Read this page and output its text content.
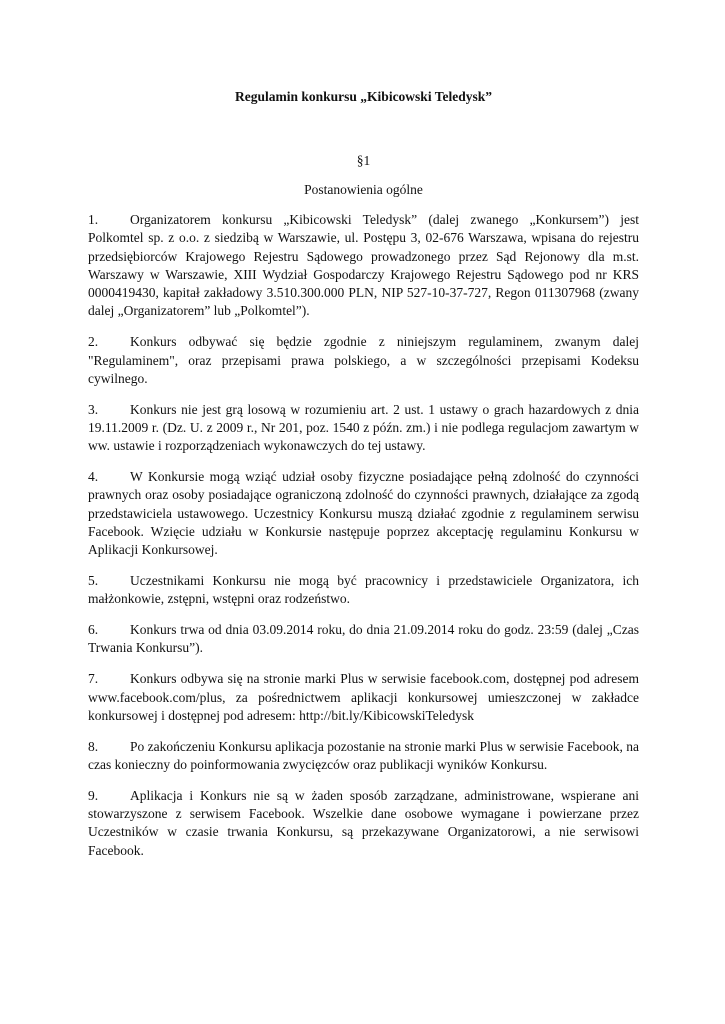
Regulamin konkursu „Kibicowski Teledysk”

§1

Postanowienia ogólne

1. Organizatorem konkursu „Kibicowski Teledysk” (dalej zwanego „Konkursem”) jest Polkomtel sp. z o.o. z siedzibą w Warszawie, ul. Postępu 3, 02-676 Warszawa, wpisana do rejestru przedsiębiorców Krajowego Rejestru Sądowego prowadzonego przez Sąd Rejonowy dla m.st. Warszawy w Warszawie, XIII Wydział Gospodarczy Krajowego Rejestru Sądowego pod nr KRS 0000419430, kapitał zakładowy 3.510.300.000 PLN, NIP 527-10-37-727, Regon 011307968 (zwany dalej „Organizatorem” lub „Polkomtel”).

2. Konkurs odbywać się będzie zgodnie z niniejszym regulaminem, zwanym dalej "Regulaminem", oraz przepisami prawa polskiego, a w szczególności przepisami Kodeksu cywilnego.

3. Konkurs nie jest grą losową w rozumieniu art. 2 ust. 1 ustawy o grach hazardowych z dnia 19.11.2009 r. (Dz. U. z 2009 r., Nr 201, poz. 1540 z późn. zm.) i nie podlega regulacjom zawartym w ww. ustawie i rozporządzeniach wykonawczych do tej ustawy.

4. W Konkursie mogą wziąć udział osoby fizyczne posiadające pełną zdolność do czynności prawnych oraz osoby posiadające ograniczoną zdolność do czynności prawnych, działające za zgodą przedstawiciela ustawowego. Uczestnicy Konkursu muszą działać zgodnie z regulaminem serwisu Facebook. Wzięcie udziału w Konkursie następuje poprzez akceptację regulaminu Konkursu w Aplikacji Konkursowej.

5. Uczestnikami Konkursu nie mogą być pracownicy i przedstawiciele Organizatora, ich małżonkowie, zstępni, wstępni oraz rodzeństwo.

6. Konkurs trwa od dnia 03.09.2014 roku, do dnia 21.09.2014 roku do godz. 23:59 (dalej „Czas Trwania Konkursu”).

7. Konkurs odbywa się na stronie marki Plus w serwisie facebook.com, dostępnej pod adresem www.facebook.com/plus, za pośrednictwem aplikacji konkursowej umieszczonej w zakładce konkursowej i dostępnej pod adresem: http://bit.ly/KibicowskiTeledysk

8. Po zakończeniu Konkursu aplikacja pozostanie na stronie marki Plus w serwisie Facebook, na czas konieczny do poinformowania zwycięzców oraz publikacji wyników Konkursu.

9. Aplikacja i Konkurs nie są w żaden sposób zarządzane, administrowane, wspierane ani stowarzyszone z serwisem Facebook. Wszelkie dane osobowe wymagane i powierzane przez Uczestników w czasie trwania Konkursu, są przekazywane Organizatorowi, a nie serwisowi Facebook.
